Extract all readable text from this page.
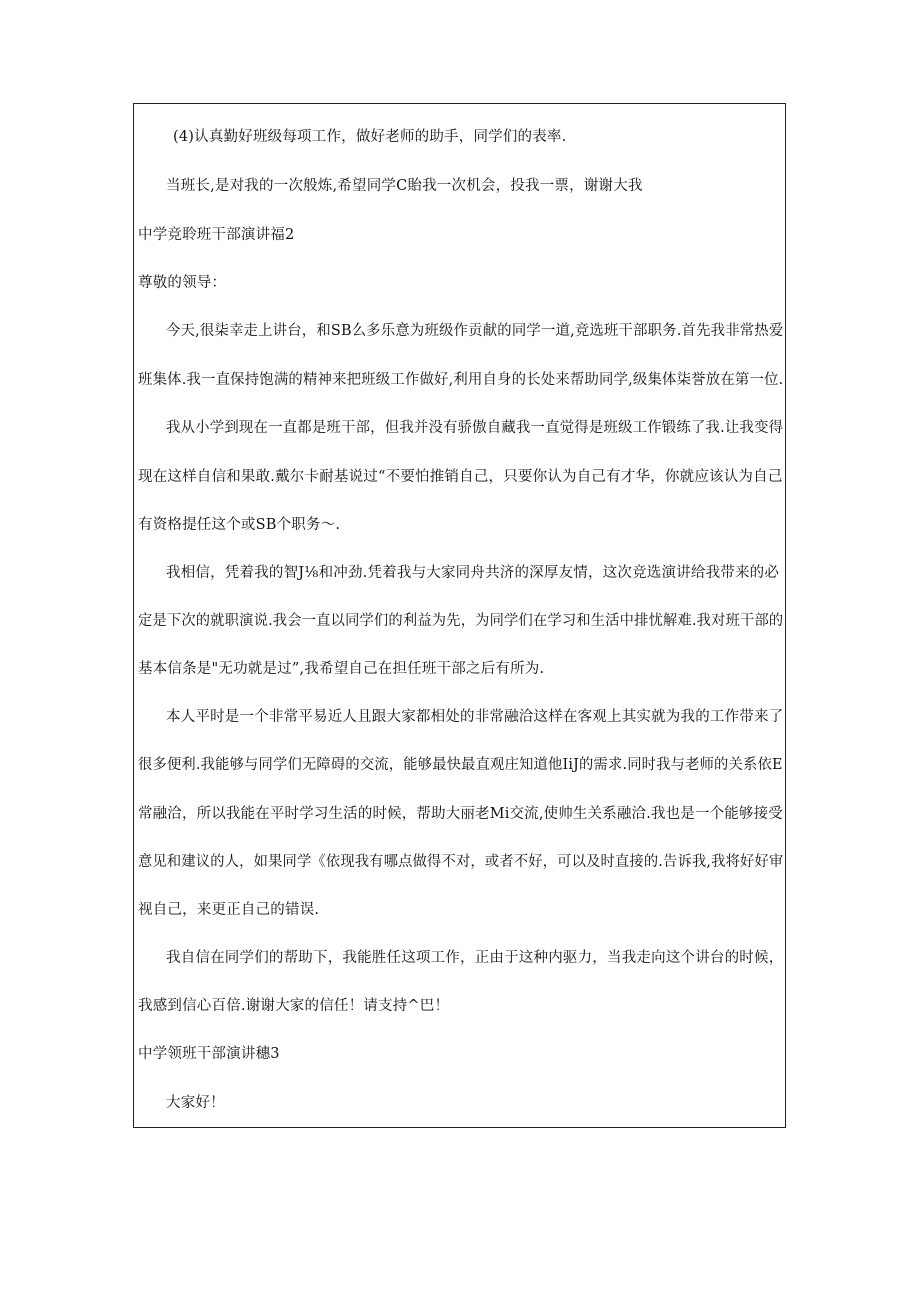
(4)认真勤好班级每项工作，做好老师的助手，同学们的表率.
当班长,是对我的一次般炼,希望同学C貽我一次机会，投我一票，谢谢大我
中学竞聆班干部演讲福2
尊敬的领导：
今天,很柒幸走上讲台，和SB么多乐意为班级作贡献的同学一道,竞选班干部职务.首先我非常热爱
班集体.我一直保持饱满的精神来把班级工作做好,利用自身的长处来帮助同学,级集体柒誉放在第一位.
我从小学到现在一直都是班干部，但我并没有骄傲自藏我一直觉得是班级工作锻练了我.让我变得
现在这样自信和果敢.戴尔卡耐基说过“不要怕推销自己，只要你认为自己有才华，你就应该认为自己
有资格提任这个或SB个职务〜.
我相信，凭着我的智J⅛和冲劲.凭着我与大家同舟共济的深厚友情，这次竞选演讲给我带来的必
定是下次的就职演说.我会一直以同学们的利益为先，为同学们在学习和生活中排忧解难.我对班干部的
基本信条是"无功就是过”,我希望自己在担任班干部之后有所为.
本人平时是一个非常平易近人且跟大家都相处的非常融洽这样在客观上其实就为我的工作带来了
很多便利.我能够与同学们无障碍的交流，能够最快最直观庄知道他IiJ的需求.同时我与老师的关系依E
常融洽，所以我能在平时学习生活的时候，帮助大丽老Mi交流,使帅生关系融洽.我也是一个能够接受
意见和建议的人，如果同学《依现我有哪点做得不对，或者不好，可以及时直接的.告诉我,我将好好审
视自己，来更正自己的错误.
我自信在同学们的帮助下，我能胜任这项工作，正由于这种内驱力，当我走向这个讲台的时候，
我感到信心百倍.谢谢大家的信任！请支持^巴！
中学领班干部演讲穗3
大家好！
